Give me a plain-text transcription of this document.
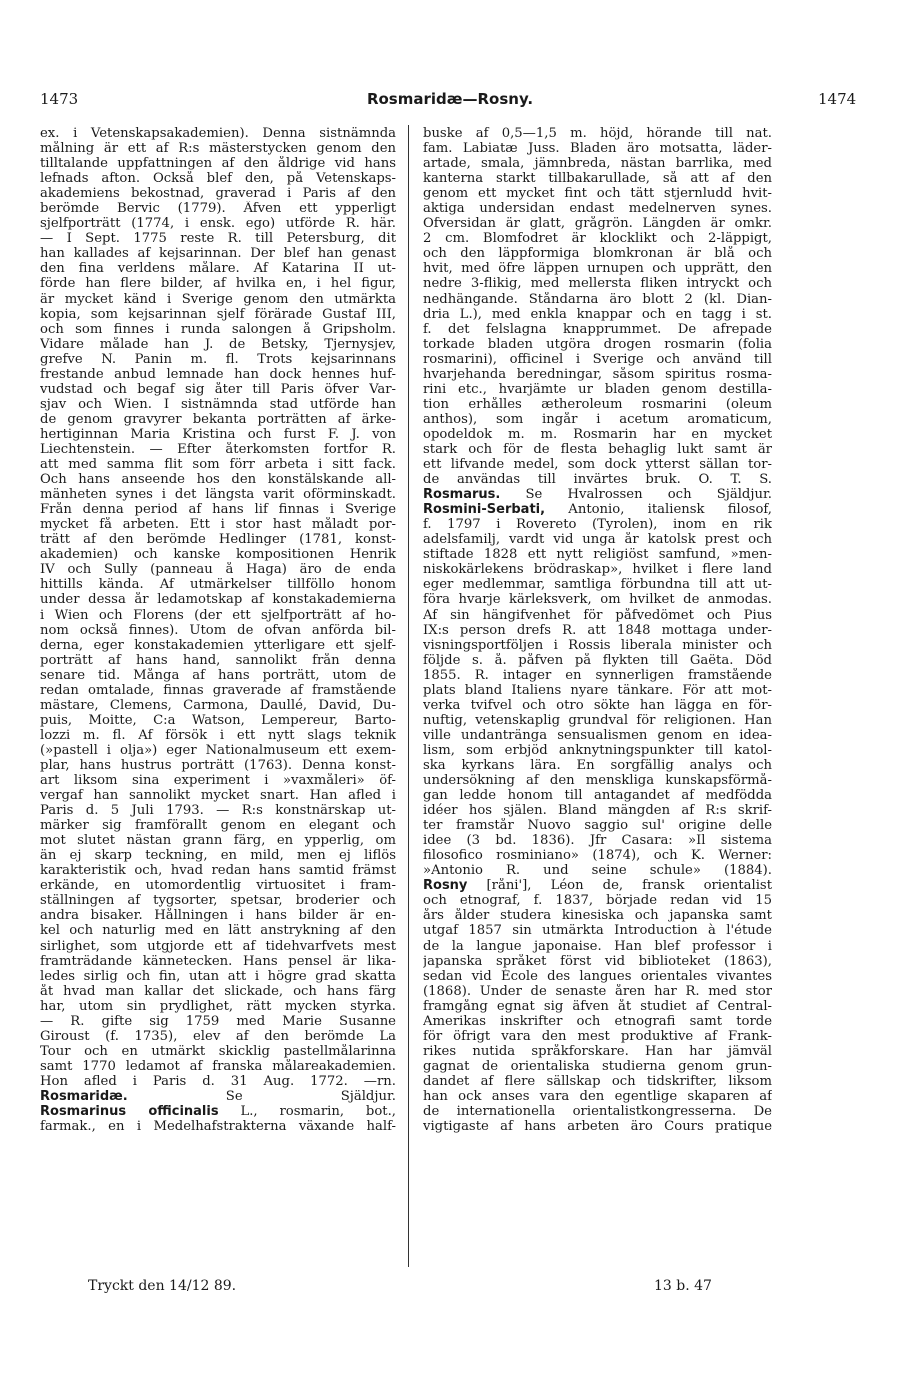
1473	Rosmaridæ—Rosny.	1474
ex. i Vetenskapsakademien). Denna sistnämnda
målning är ett af R:s mästerstycken genom den
tilltalande uppfattningen af den åldrige vid hans
lefnads afton. Också blef den, på Vetenskaps-
akademiens bekostnad, graverad i Paris af den
berömde Bervic (1779). Äfven ett ypperligt
sjelfporträtt (1774, i ensk. ego) utförde R. här.
— I Sept. 1775 reste R. till Petersburg, dit
han kallades af kejsarinnan. Der blef han genast
den fina verldens målare. Af Katarina II ut-
förde han flere bilder, af hvilka en, i hel figur,
är mycket känd i Sverige genom den utmärkta
kopia, som kejsarinnan sjelf förärade Gustaf III,
och som finnes i runda salongen å Gripsholm.
Vidare målade han J. de Betsky, Tjernysjev,
grefve N. Panin m. fl. Trots kejsarinnans
frestande anbud lemnade han dock hennes huf-
vudstad och begaf sig åter till Paris öfver Var-
sjav och Wien. I sistnämnda stad utförde han
de genom gravyrer bekanta porträtten af ärke-
hertiginnan Maria Kristina och furst F. J. von
Liechtenstein. — Efter återkomsten fortfor R.
att med samma flit som förr arbeta i sitt fack.
Och hans anseende hos den konstälskande all-
mänheten synes i det längsta varit oförminskadt.
Från denna period af hans lif finnas i Sverige
mycket få arbeten. Ett i stor hast måladt por-
trätt af den berömde Hedlinger (1781, konst-
akademien) och kanske kompositionen Henrik
IV och Sully (panneau å Haga) äro de enda
hittills kända. Af utmärkelser tillföllo honom
under dessa år ledamotskap af konstakademierna
i Wien och Florens (der ett sjelfporträtt af ho-
nom också finnes). Utom de ofvan anförda bil-
derna, eger konstakademien ytterligare ett sjelf-
porträtt af hans hand, sannolikt från denna
senare tid. Många af hans porträtt, utom de
redan omtalade, finnas graverade af framstående
mästare, Clemens, Carmona, Daullé, David, Du-
puis, Moitte, C:a Watson, Lempereur, Barto-
lozzi m. fl. Af försök i ett nytt slags teknik
(»pastell i olja») eger Nationalmuseum ett exem-
plar, hans hustrus porträtt (1763). Denna konst-
art liksom sina experiment i »vaxmåleri» öf-
vergaf han sannolikt mycket snart. Han afled i
Paris d. 5 Juli 1793. — R:s konstnärskap ut-
märker sig framförallt genom en elegant och
mot slutet nästan grann färg, en ypperlig, om
än ej skarp teckning, en mild, men ej liflös
karakteristik och, hvad redan hans samtid främst
erkände, en utomordentlig virtuositet i fram-
ställningen af tygsorter, spetsar, broderier och
andra bisaker. Hållningen i hans bilder är en-
kel och naturlig med en lätt anstrykning af den
sirlighet, som utgjorde ett af tidehvarfvets mest
framträdande kännetecken. Hans pensel är lika-
ledes sirlig och fin, utan att i högre grad skatta
åt hvad man kallar det slickade, och hans färg
har, utom sin prydlighet, rätt mycken styrka.
— R. gifte sig 1759 med Marie Susanne
Giroust (f. 1735), elev af den berömde La
Tour och en utmärkt skicklig pastellmålarinna
samt 1770 ledamot af franska målareakademien.
Hon afled i Paris d. 31 Aug. 1772. —rn.
Rosmaridæ. Se Själdjur.
Rosmarinus officinalis L., rosmarin, bot.,
farmak., en i Medelhafstrakterna växande half-
buske af 0,5—1,5 m. höjd, hörande till nat.
fam. Labiatæ Juss. Bladen äro motsatta, läder-
artade, smala, jämnbreda, nästan barrlika, med
kanterna starkt tillbakarullade, så att af den
genom ett mycket fint och tätt stjernludd hvit-
aktiga undersidan endast medelnerven synes.
Öfversidan är glatt, grågrön. Längden är omkr.
2 cm. Blomfodret är klocklikt och 2-läppigt,
och den läppformiga blomkronan är blå och
hvit, med öfre läppen urnupen och upprätt, den
nedre 3-flikig, med mellersta fliken intryckt och
nedhängande. Ståndarna äro blott 2 (kl. Dian-
dria L.), med enkla knappar och en tagg i st.
f. det felslagna knapprummet. De afrepade
torkade bladen utgöra drogen rosmarin (folia
rosmarini), officinel i Sverige och använd till
hvarjehanda beredningar, såsom spiritus rosma-
rini etc., hvarjämte ur bladen genom destilla-
tion erhålles ætheroleum rosmarini (oleum
anthos), som ingår i acetum aromaticum,
opodeldok m. m. Rosmarin har en mycket
stark och för de flesta behaglig lukt samt är
ett lifvande medel, som dock ytterst sällan tor-
de användas till invärtes bruk. O. T. S.
Rosmarus. Se Hvalrossen och Själdjur.
Rosmini-Serbati, Antonio, italiensk filosof,
f. 1797 i Rovereto (Tyrolen), inom en rik
adelsfamilj, vardt vid unga år katolsk prest och
stiftade 1828 ett nytt religiöst samfund, »men-
niskokärlekens brödraskap», hvilket i flere land
eger medlemmar, samtliga förbundna till att ut-
föra hvarje kärleksverk, om hvilket de anmodas.
Af sin hängifvenhet för påfvedömet och Pius
IX:s person drefs R. att 1848 mottaga under-
visningsportföljen i Rossis liberala minister och
följde s. å. påfven på flykten till Gaëta. Död
1855. R. intager en synnerligen framstående
plats bland Italiens nyare tänkare. För att mot-
verka tvifvel och otro sökte han lägga en för-
nuftig, vetenskaplig grundval för religionen. Han
ville undantränga sensualismen genom en idea-
lism, som erbjöd anknytningspunkter till katol-
ska kyrkans lära. En sorgfällig analys och
undersökning af den menskliga kunskapsförmå-
gan ledde honom till antagandet af medfödda
idéer hos själen. Bland mängden af R:s skrif-
ter framstår Nuovo saggio sul' origine delle
idee (3 bd. 1836). Jfr Casara: »Il sistema
filosofico rosminiano» (1874), och K. Werner:
»Antonio R. und seine schule» (1884).
Rosny [råni'], Léon de, fransk orientalist
och etnograf, f. 1837, började redan vid 15
års ålder studera kinesiska och japanska samt
utgaf 1857 sin utmärkta Introduction à l'étude
de la langue japonaise. Han blef professor i
japanska språket först vid biblioteket (1863),
sedan vid École des langues orientales vivantes
(1868). Under de senaste åren har R. med stor
framgång egnat sig äfven åt studiet af Central-
Amerikas inskrifter och etnografi samt torde
för öfrigt vara den mest produktive af Frank-
rikes nutida språkforskare. Han har jämväl
gagnat de orientaliska studierna genom grun-
dandet af flere sällskap och tidskrifter, liksom
han ock anses vara den egentlige skaparen af
de internationella orientalistkongresserna. De
vigtigaste af hans arbeten äro Cours pratique
Tryckt den 14/12 89.	13 b. 47
